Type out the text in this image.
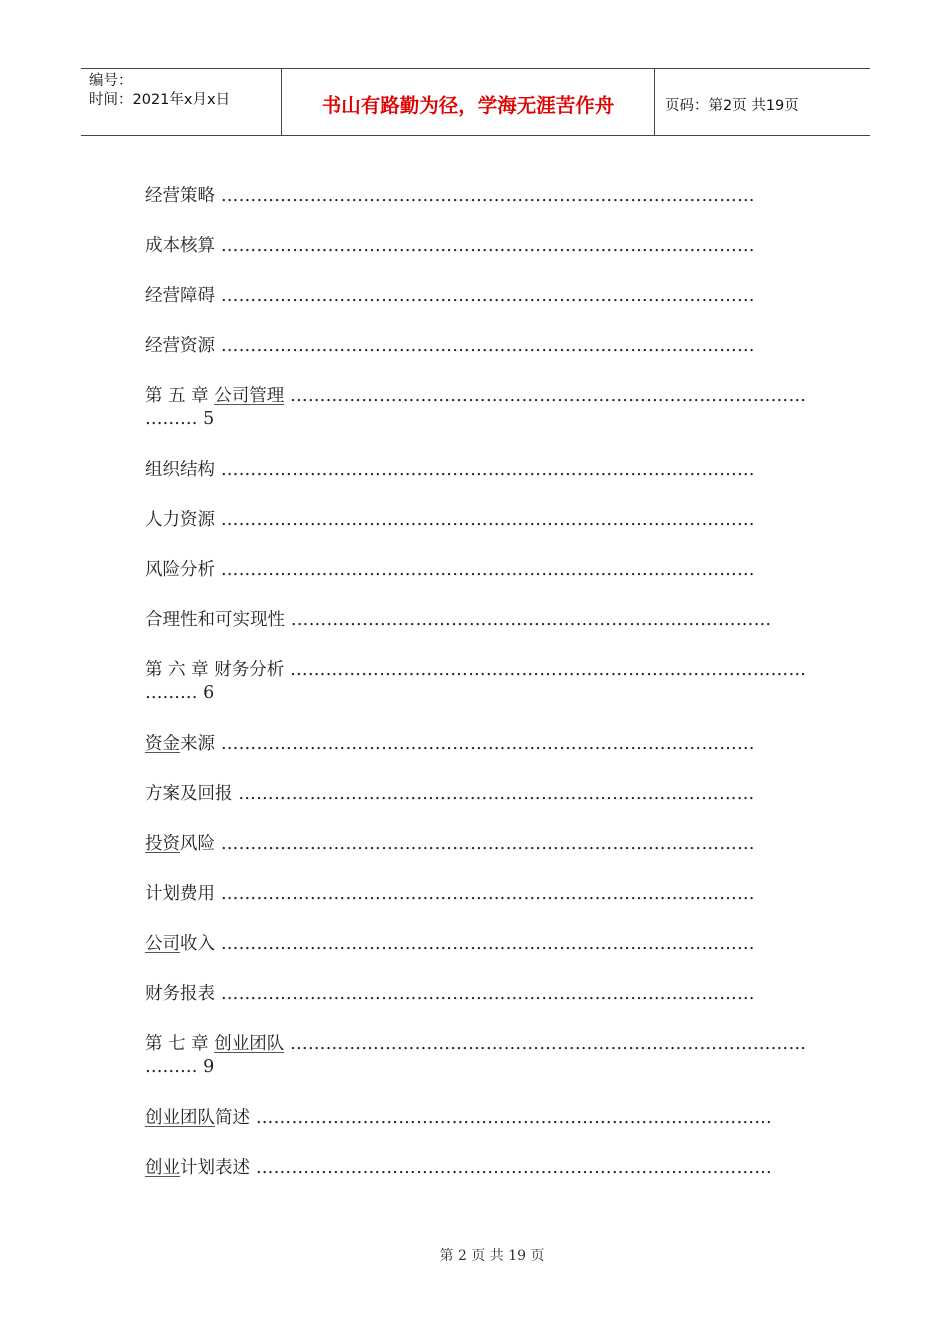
编号：
时间：2021年x月x日	书山有路勤为径，学海无涯苦作舟	页码：第2页 共19页
经营策略 ………………………………………………………………………………
成本核算 ………………………………………………………………………………
经营障碍 ………………………………………………………………………………
经营资源 ………………………………………………………………………………
第 五 章 公司管理 ……………………………………………………………………………
……… 5
组织结构 ………………………………………………………………………………
人力资源 ………………………………………………………………………………
风险分析 ………………………………………………………………………………
合理性和可实现性 ………………………………………………………………………
第 六 章 财务分析 ……………………………………………………………………………
……… 6
资金来源 ………………………………………………………………………………
方案及回报 ……………………………………………………………………………
投资风险 ………………………………………………………………………………
计划费用 ………………………………………………………………………………
公司收入 ………………………………………………………………………………
财务报表 ………………………………………………………………………………
第 七 章 创业团队 ……………………………………………………………………………
……… 9
创业团队简述 ……………………………………………………………………………
创业计划表述 ……………………………………………………………………………
第 2 页 共 19 页
